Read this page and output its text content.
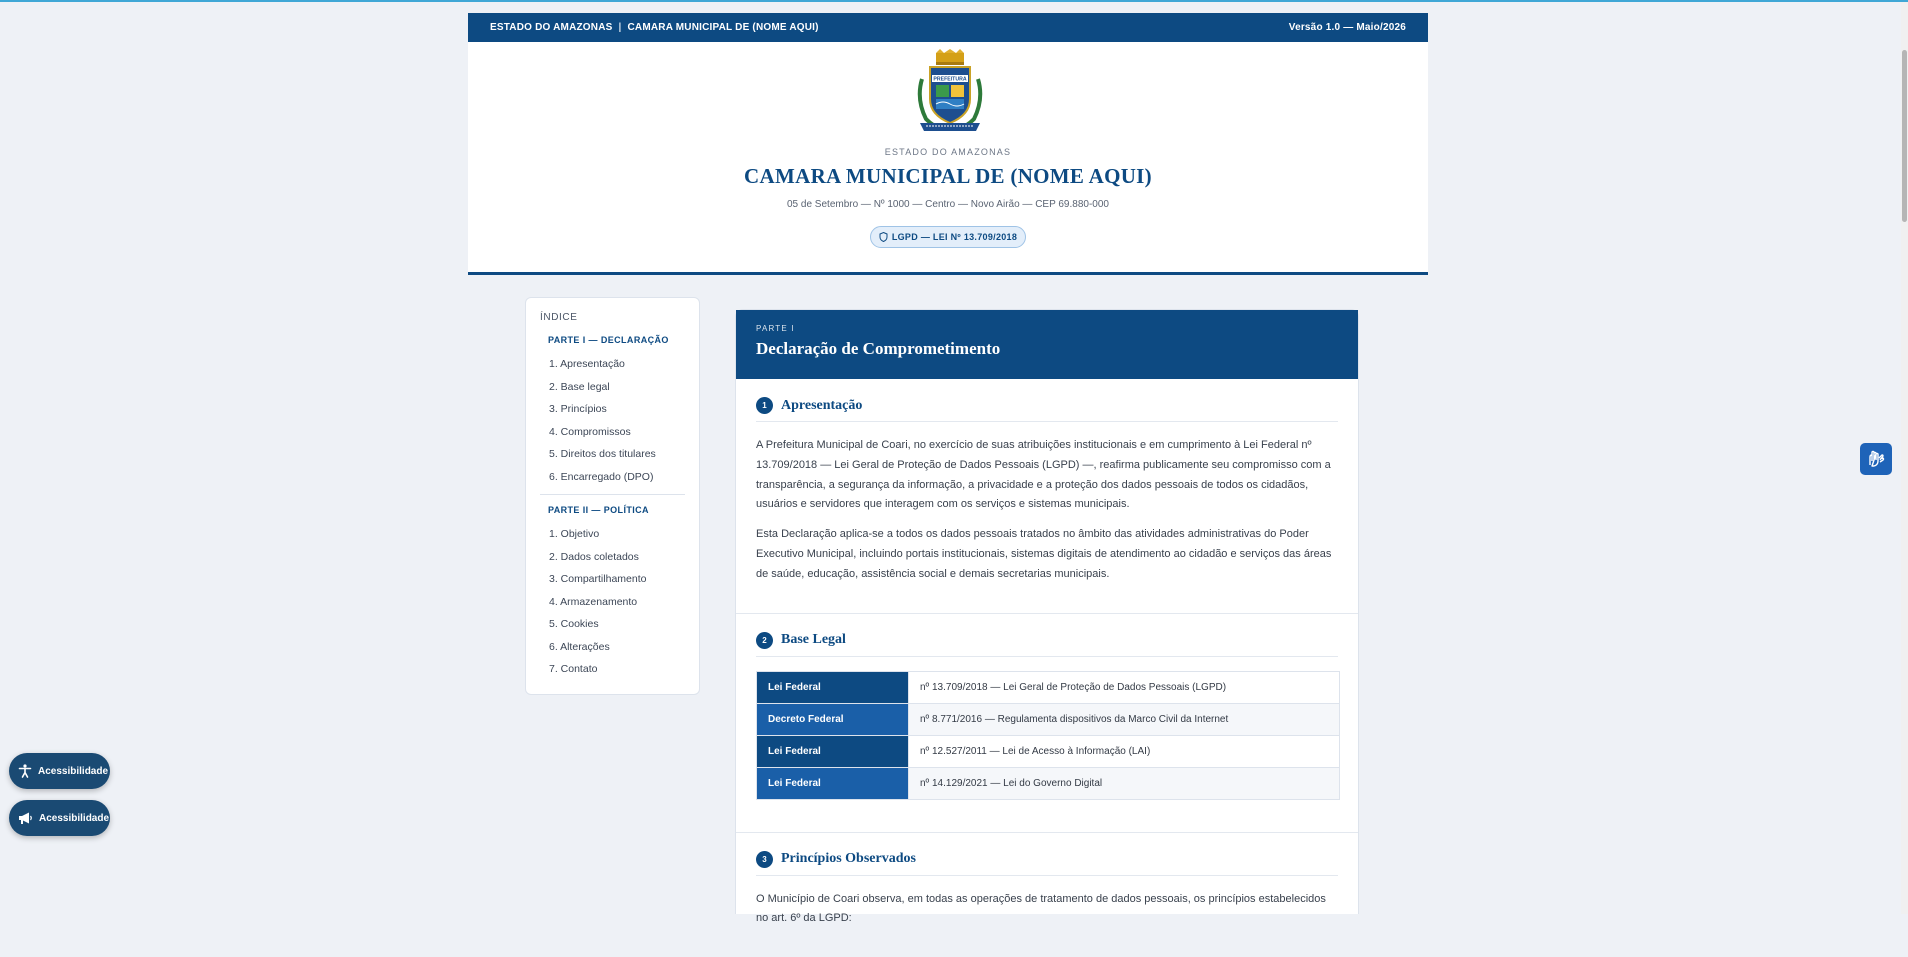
ESTADO DO AMAZONAS | CAMARA MUNICIPAL DE (NOME AQUI)	Versão 1.0 — Maio/2026
PREFEITURA
ESTADO DO AMAZONAS
CAMARA MUNICIPAL DE (NOME AQUI)
05 de Setembro — Nº 1000 — Centro — Novo Airão — CEP 69.880-000
LGPD — LEI Nº 13.709/2018
ÍNDICE
PARTE I — DECLARAÇÃO
1. Apresentação
2. Base legal
3. Princípios
4. Compromissos
5. Direitos dos titulares
6. Encarregado (DPO)
PARTE II — POLÍTICA
1. Objetivo
2. Dados coletados
3. Compartilhamento
4. Armazenamento
5. Cookies
6. Alterações
7. Contato
PARTE I
Declaração de Comprometimento
1	Apresentação

A Prefeitura Municipal de Coari, no exercício de suas atribuições institucionais e em cumprimento à Lei Federal nº 13.709/2018 — Lei Geral de Proteção de Dados Pessoais (LGPD) —, reafirma publicamente seu compromisso com a transparência, a segurança da informação, a privacidade e a proteção dos dados pessoais de todos os cidadãos, usuários e servidores que interagem com os serviços e sistemas municipais.

Esta Declaração aplica-se a todos os dados pessoais tratados no âmbito das atividades administrativas do Poder Executivo Municipal, incluindo portais institucionais, sistemas digitais de atendimento ao cidadão e serviços das áreas de saúde, educação, assistência social e demais secretarias municipais.

2	Base Legal
Lei Federal	nº 13.709/2018 — Lei Geral de Proteção de Dados Pessoais (LGPD)
Decreto Federal	nº 8.771/2016 — Regulamenta dispositivos da Marco Civil da Internet
Lei Federal	nº 12.527/2011 — Lei de Acesso à Informação (LAI)
Lei Federal	nº 14.129/2021 — Lei do Governo Digital
3	Princípios Observados

O Município de Coari observa, em todas as operações de tratamento de dados pessoais, os princípios estabelecidos no art. 6º da LGPD:

Acessibilidade
Acessibilidade
